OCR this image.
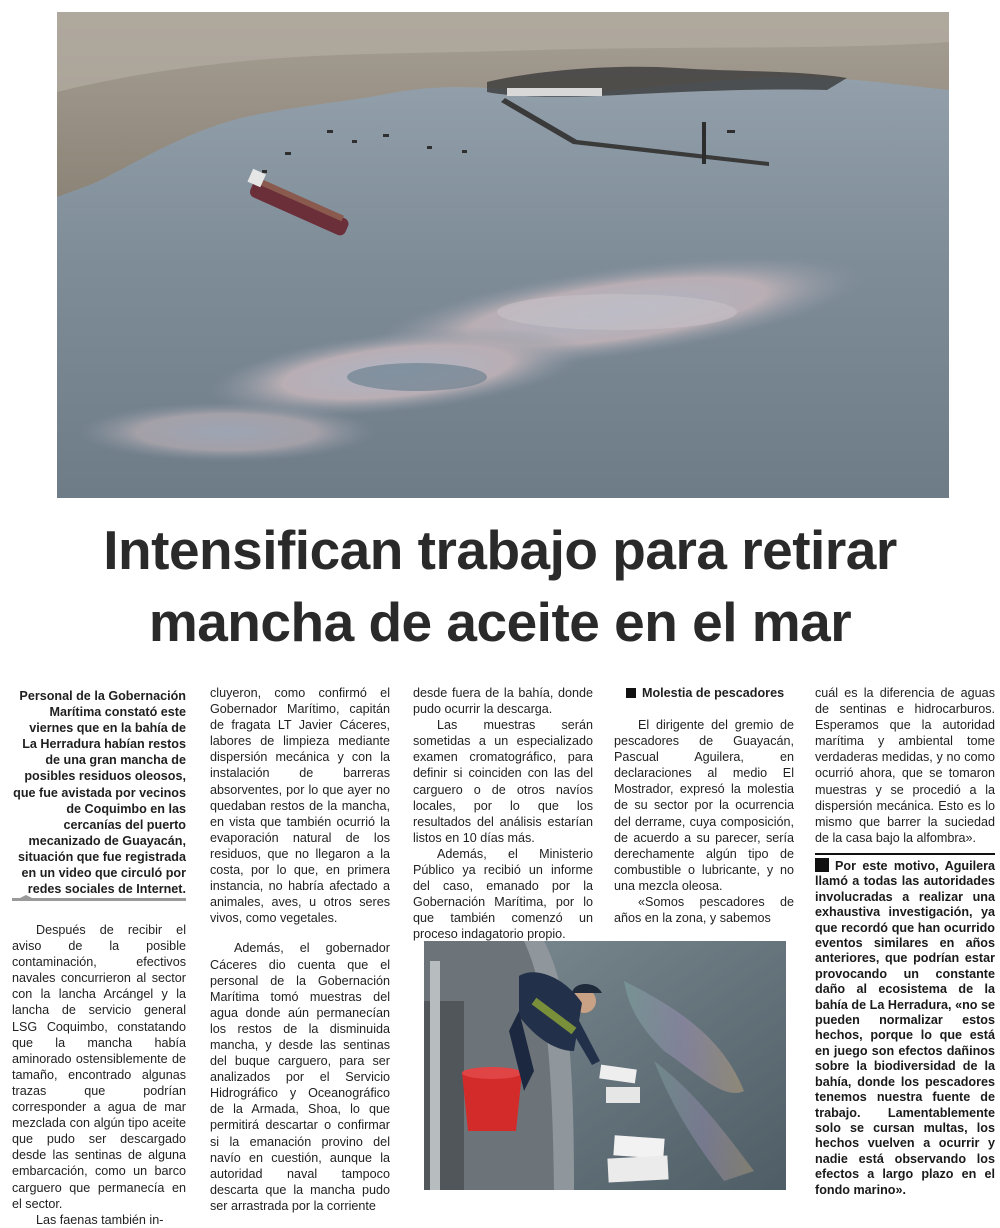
Intensifican trabajo para retirar
mancha de aceite en el mar

Personal de la Gobernación Marítima constató este viernes que en la bahía de La Herradura habían restos de una gran mancha de posibles residuos oleosos, que fue avistada por vecinos de Coquimbo en las cercanías del puerto mecanizado de Guayacán, situación que fue registrada en un video que circuló por redes sociales de Internet.

Después de recibir el aviso de la posible contaminación, efectivos navales concurrieron al sector con la lancha Arcángel y la lancha de servicio general LSG Coquimbo, constatando que la mancha había aminorado ostensiblemente de tamaño, encontrado algunas trazas que podrían corresponder a agua de mar mezclada con algún tipo aceite que pudo ser descargado desde las sentinas de alguna embarcación, como un barco carguero que permanecía en el sector.

Las faenas también in-

cluyeron, como confirmó el Gobernador Marítimo, capitán de fragata LT Javier Cáceres, labores de limpieza mediante dispersión mecánica y con la instalación de barreras absorventes, por lo que ayer no quedaban restos de la mancha, en vista que también ocurrió la evaporación natural de los residuos, que no llegaron a la costa, por lo que, en primera instancia, no habría afectado a animales, aves, u otros seres vivos, como vegetales.

Además, el gobernador Cáceres dio cuenta que el personal de la Gobernación Marítima tomó muestras del agua donde aún permanecían los restos de la disminuida mancha, y desde las sentinas del buque carguero, para ser analizados por el Servicio Hidrográfico y Oceanográfico de la Armada, Shoa, lo que permitirá descartar o confirmar si la emanación provino del navío en cuestión, aunque la autoridad naval tampoco descarta que la mancha pudo ser arrastrada por la corriente

desde fuera de la bahía, donde pudo ocurrir la descarga.

Las muestras serán sometidas a un especializado examen cromatográfico, para definir si coinciden con las del carguero o de otros navíos locales, por lo que los resultados del análisis estarían listos en 10 días más.

Además, el Ministerio Público ya recibió un informe del caso, emanado por la Gobernación Marítima, por lo que también comenzó un proceso indagatorio propio.

Molestia de pescadores

El dirigente del gremio de pescadores de Guayacán, Pascual Aguilera, en declaraciones al medio El Mostrador, expresó la molestia de su sector por la ocurrencia del derrame, cuya composición, de acuerdo a su parecer, sería derechamente algún tipo de combustible o lubricante, y no una mezcla oleosa.

«Somos pescadores de años en la zona, y sabemos

cuál es la diferencia de aguas de sentinas e hidrocarburos. Esperamos que la autoridad marítima y ambiental tome verdaderas medidas, y no como ocurrió ahora, que se tomaron muestras y se procedió a la dispersión mecánica. Esto es lo mismo que barrer la suciedad de la casa bajo la alfombra».

Por este motivo, Aguilera llamó a todas las autoridades involucradas a realizar una exhaustiva investigación, ya que recordó que han ocurrido eventos similares en años anteriores, que podrían estar provocando un constante daño al ecosistema de la bahía de La Herradura, «no se pueden normalizar estos hechos, porque lo que está en juego son efectos dañinos sobre la biodiversidad de la bahía, donde los pescadores tenemos nuestra fuente de trabajo. Lamentablemente solo se cursan multas, los hechos vuelven a ocurrir y nadie está observando los efectos a largo plazo en el fondo marino».
